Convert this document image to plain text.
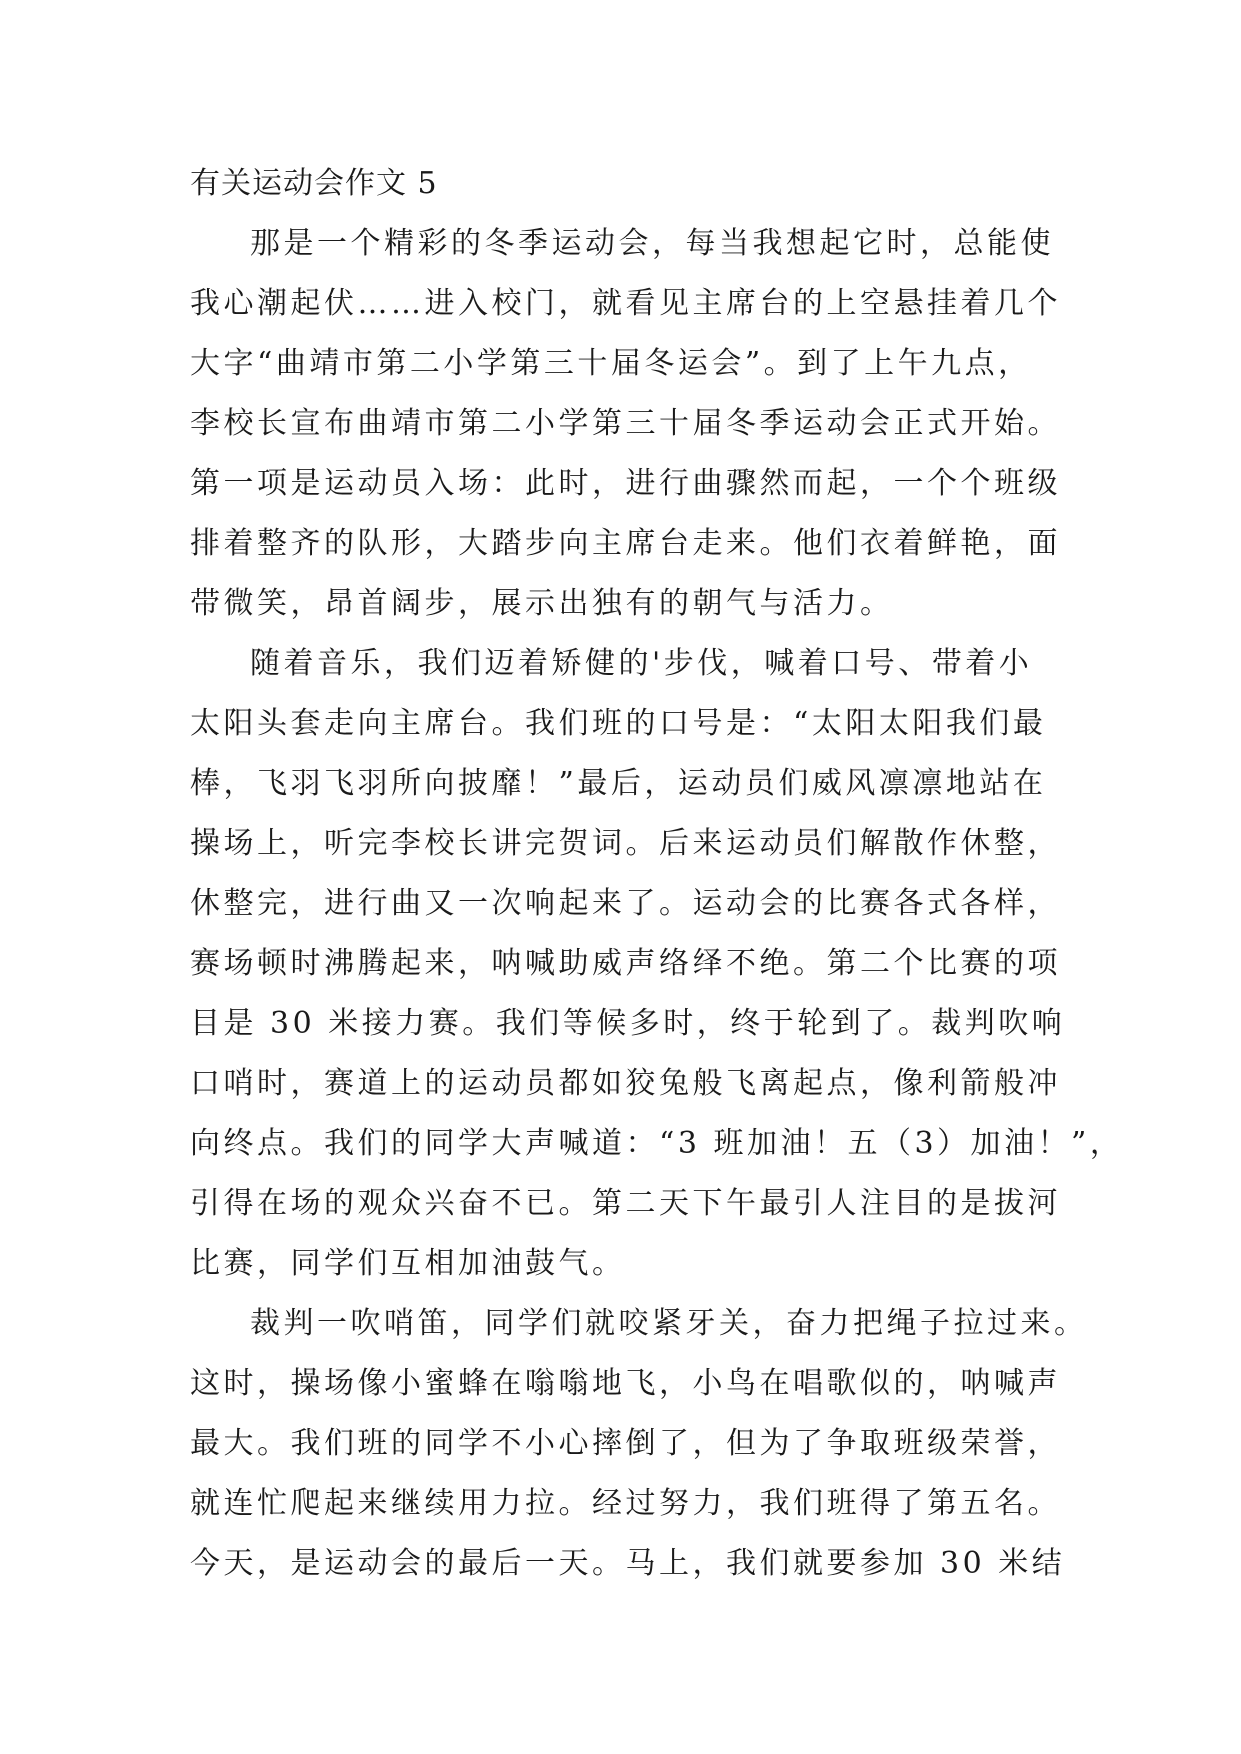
有关运动会作文 5
那是一个精彩的冬季运动会，每当我想起它时，总能使
我心潮起伏……进入校门，就看见主席台的上空悬挂着几个
大字“曲靖市第二小学第三十届冬运会”。到了上午九点，
李校长宣布曲靖市第二小学第三十届冬季运动会正式开始。
第一项是运动员入场：此时，进行曲骤然而起，一个个班级
排着整齐的队形，大踏步向主席台走来。他们衣着鲜艳，面
带微笑，昂首阔步，展示出独有的朝气与活力。
随着音乐，我们迈着矫健的'步伐，喊着口号、带着小
太阳头套走向主席台。我们班的口号是：“太阳太阳我们最
棒，飞羽飞羽所向披靡！”最后，运动员们威风凛凛地站在
操场上，听完李校长讲完贺词。后来运动员们解散作休整，
休整完，进行曲又一次响起来了。运动会的比赛各式各样，
赛场顿时沸腾起来，呐喊助威声络绎不绝。第二个比赛的项
目是 30 米接力赛。我们等候多时，终于轮到了。裁判吹响
口哨时，赛道上的运动员都如狡兔般飞离起点，像利箭般冲
向终点。我们的同学大声喊道：“3 班加油！五（3）加油！”，
引得在场的观众兴奋不已。第二天下午最引人注目的是拔河
比赛，同学们互相加油鼓气。
裁判一吹哨笛，同学们就咬紧牙关，奋力把绳子拉过来。
这时，操场像小蜜蜂在嗡嗡地飞，小鸟在唱歌似的，呐喊声
最大。我们班的同学不小心摔倒了，但为了争取班级荣誉，
就连忙爬起来继续用力拉。经过努力，我们班得了第五名。
今天，是运动会的最后一天。马上，我们就要参加 30 米结
